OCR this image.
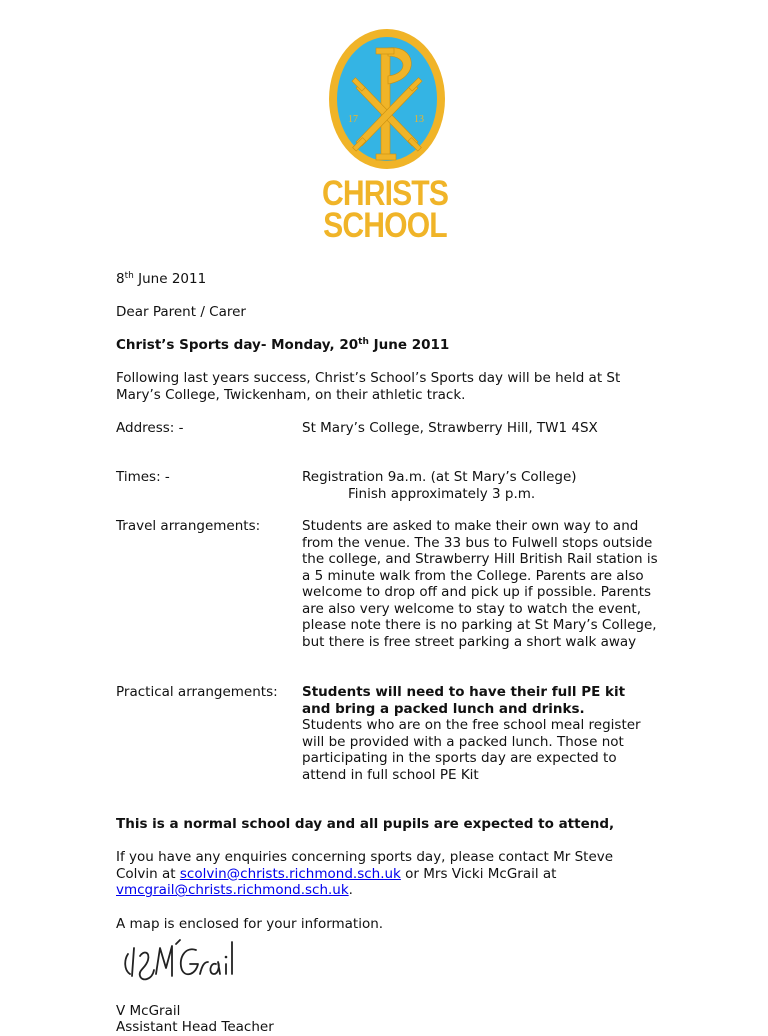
17	13
CHRISTS
SCHOOL

8th June 2011

Dear Parent / Carer

Christ’s Sports day- Monday, 20th June 2011

Following last years success, Christ’s School’s Sports day will be held at St Mary’s College, Twickenham, on their athletic track.

Address: -	St Mary’s College, Strawberry Hill, TW1 4SX

Times: -	Registration 9a.m. (at St Mary’s College)
Finish approximately 3 p.m.

Travel arrangements:	Students are asked to make their own way to and from the venue. The 33 bus to Fulwell stops outside the college, and Strawberry Hill British Rail station is a 5 minute walk from the College. Parents are also welcome to drop off and pick up if possible. Parents are also very welcome to stay to watch the event, please note there is no parking at St Mary’s College, but there is free street parking a short walk away

Practical arrangements: Students will need to have their full PE kit and bring a packed lunch and drinks.
Students who are on the free school meal register will be provided with a packed lunch. Those not participating in the sports day are expected to attend in full school PE Kit

This is a normal school day and all pupils are expected to attend,

If you have any enquiries concerning sports day, please contact Mr Steve Colvin at scolvin@christs.richmond.sch.uk or Mrs Vicki McGrail at vmcgrail@christs.richmond.sch.uk.

A map is enclosed for your information.

V McGrail

Assistant Head Teacher
